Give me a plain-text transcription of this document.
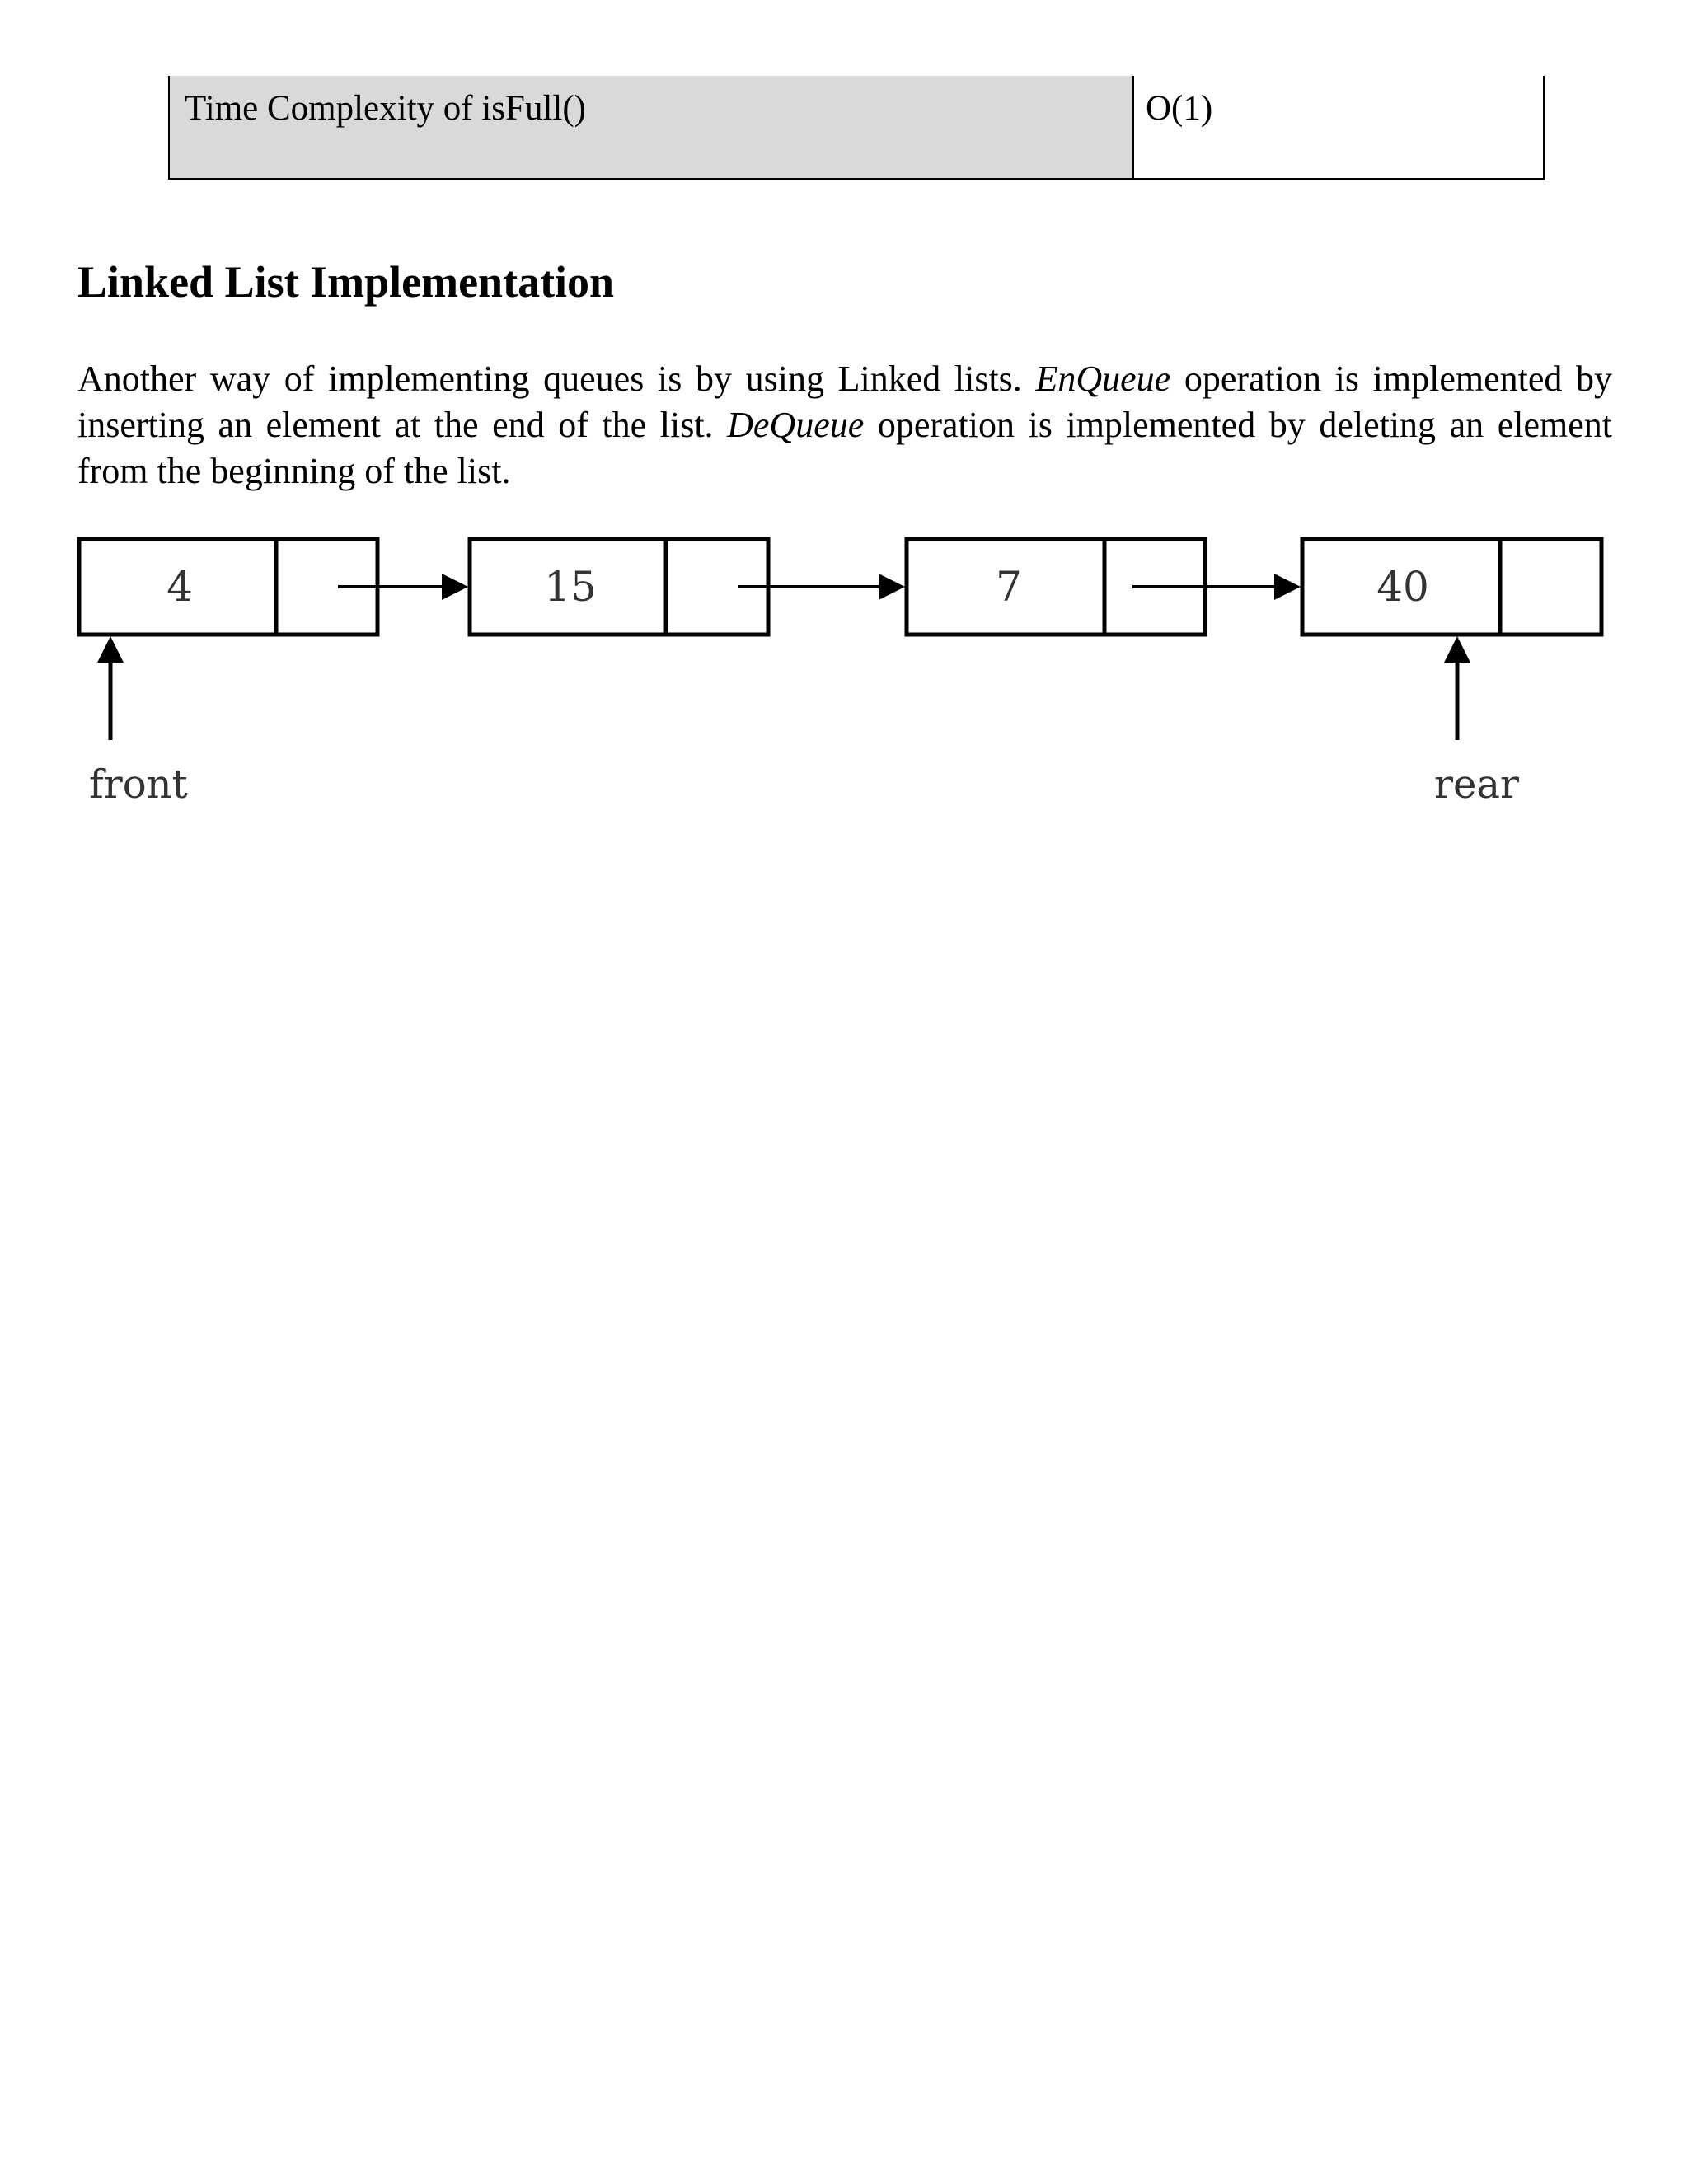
Time Complexity of isFull()	O(1)
Linked List Implementation

Another way of implementing queues is by using Linked lists. EnQueue operation is implemented by inserting an element at the end of the list. DeQueue operation is implemented by deleting an element from the beginning of the list.

4	15	7	40
front	rear
